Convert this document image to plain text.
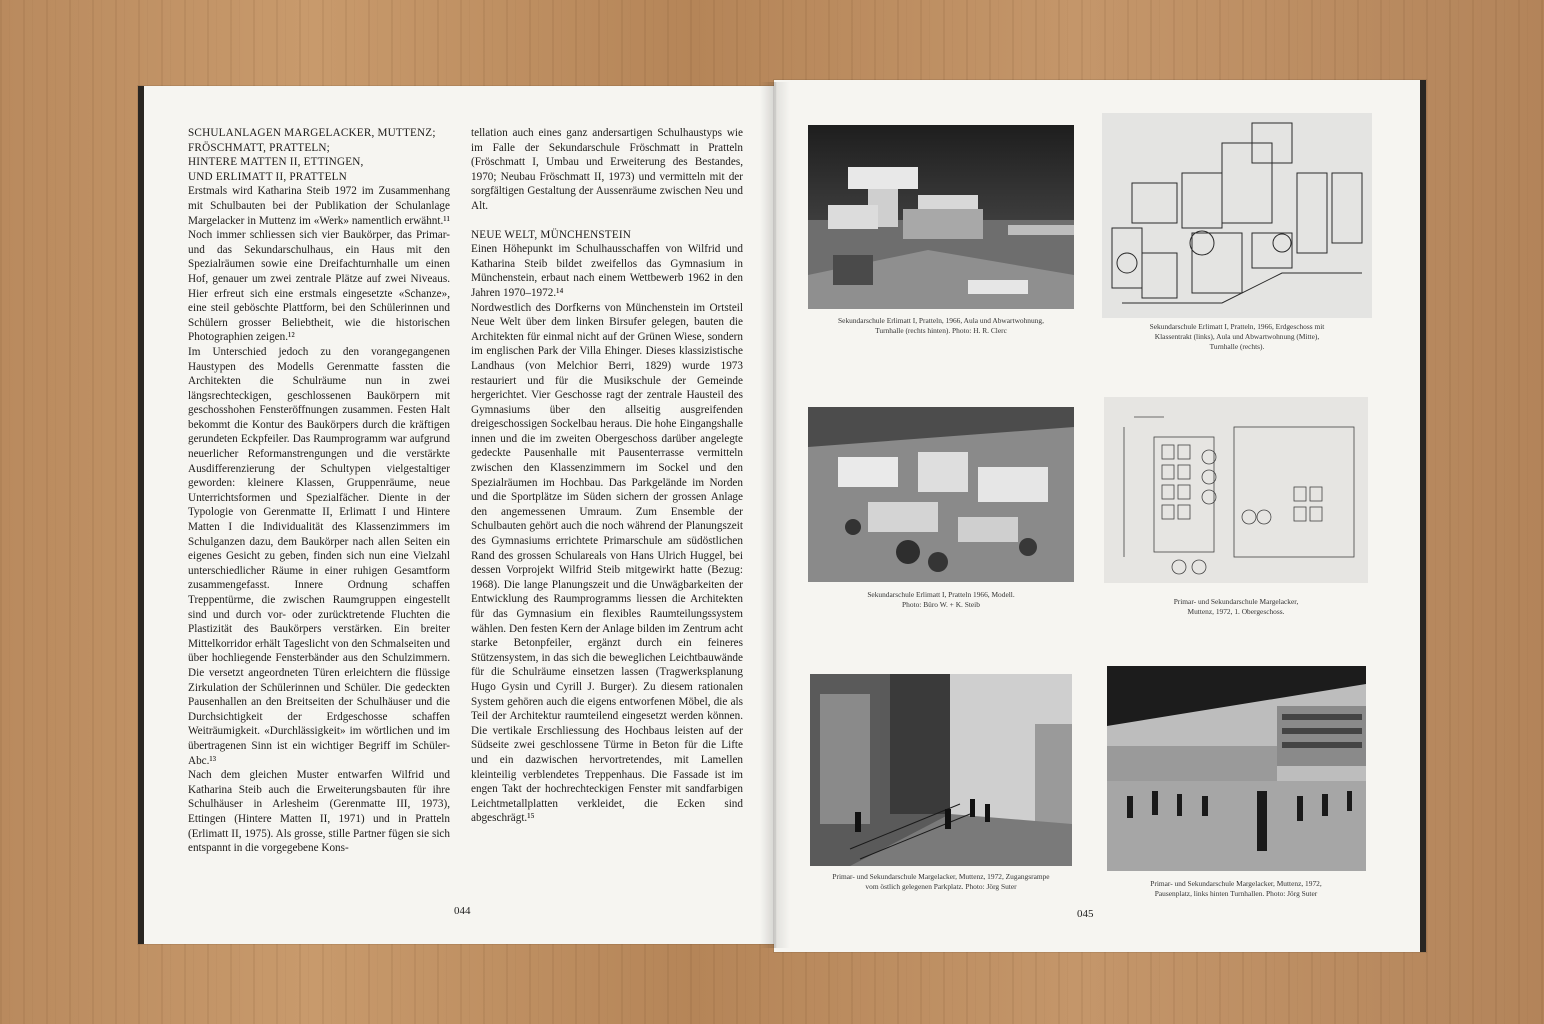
SCHULANLAGEN MARGELACKER, MUTTENZ;
FRÖSCHMATT, PRATTELN;
HINTERE MATTEN II, ETTINGEN,
UND ERLIMATT II, PRATTELN

Erstmals wird Katharina Steib 1972 im Zusammenhang mit Schulbauten bei der Publikation der Schulanlage Margelacker in Muttenz im «Werk» namentlich erwähnt.¹¹ Noch immer schliessen sich vier Baukörper, das Primar- und das Sekundarschulhaus, ein Haus mit den Spezialräumen sowie eine Dreifachturnhalle um einen Hof, genauer um zwei zentrale Plätze auf zwei Niveaus. Hier erfreut sich eine erstmals eingesetzte «Schanze», eine steil geböschte Plattform, bei den Schülerinnen und Schülern grosser Beliebtheit, wie die historischen Photographien zeigen.¹²

Im Unterschied jedoch zu den vorangegangenen Haustypen des Modells Gerenmatte fassten die Architekten die Schulräume nun in zwei längsrechteckigen, geschlossenen Baukörpern mit geschosshohen Fensteröffnungen zusammen. Festen Halt bekommt die Kontur des Baukörpers durch die kräftigen gerundeten Eckpfeiler. Das Raumprogramm war aufgrund neuerlicher Reformanstrengungen und die verstärkte Ausdifferenzierung der Schultypen vielgestaltiger geworden: kleinere Klassen, Gruppenräume, neue Unterrichtsformen und Spezialfächer. Diente in der Typologie von Gerenmatte II, Erlimatt I und Hintere Matten I die Individualität des Klassenzimmers im Schulganzen dazu, dem Baukörper nach allen Seiten ein eigenes Gesicht zu geben, finden sich nun eine Vielzahl unterschiedlicher Räume in einer ruhigen Gesamtform zusammengefasst. Innere Ordnung schaffen Treppentürme, die zwischen Raumgruppen eingestellt sind und durch vor- oder zurücktretende Fluchten die Plastizität des Baukörpers verstärken. Ein breiter Mittelkorridor erhält Tageslicht von den Schmalseiten und über hochliegende Fensterbänder aus den Schulzimmern. Die versetzt angeordneten Türen erleichtern die flüssige Zirkulation der Schülerinnen und Schüler. Die gedeckten Pausenhallen an den Breitseiten der Schulhäuser und die Durchsichtigkeit der Erdgeschosse schaffen Weiträumigkeit. «Durchlässigkeit» im wörtlichen und im übertragenen Sinn ist ein wichtiger Begriff im Schüler-Abc.¹³

Nach dem gleichen Muster entwarfen Wilfrid und Katharina Steib auch die Erweiterungsbauten für ihre Schulhäuser in Arlesheim (Gerenmatte III, 1973), Ettingen (Hintere Matten II, 1971) und in Pratteln (Erlimatt II, 1975). Als grosse, stille Partner fügen sie sich entspannt in die vorgegebene Kons-

tellation auch eines ganz andersartigen Schulhaustyps wie im Falle der Sekundarschule Fröschmatt in Pratteln (Fröschmatt I, Umbau und Erweiterung des Bestandes, 1970; Neubau Fröschmatt II, 1973) und vermitteln mit der sorgfältigen Gestaltung der Aussenräume zwischen Neu und Alt.

NEUE WELT, MÜNCHENSTEIN

Einen Höhepunkt im Schulhausschaffen von Wilfrid und Katharina Steib bildet zweifellos das Gymnasium in Münchenstein, erbaut nach einem Wettbewerb 1962 in den Jahren 1970–1972.¹⁴

Nordwestlich des Dorfkerns von Münchenstein im Ortsteil Neue Welt über dem linken Birsufer gelegen, bauten die Architekten für einmal nicht auf der Grünen Wiese, sondern im englischen Park der Villa Ehinger. Dieses klassizistische Landhaus (von Melchior Berri, 1829) wurde 1973 restauriert und für die Musikschule der Gemeinde hergerichtet. Vier Geschosse ragt der zentrale Hausteil des Gymnasiums über den allseitig ausgreifenden dreigeschossigen Sockelbau heraus. Die hohe Eingangshalle innen und die im zweiten Obergeschoss darüber angelegte gedeckte Pausenhalle mit Pausenterrasse vermitteln zwischen den Klassenzimmern im Sockel und den Spezialräumen im Hochbau. Das Parkgelände im Norden und die Sportplätze im Süden sichern der grossen Anlage den angemessenen Umraum. Zum Ensemble der Schulbauten gehört auch die noch während der Planungszeit des Gymnasiums errichtete Primarschule am südöstlichen Rand des grossen Schulareals von Hans Ulrich Huggel, bei dessen Vorprojekt Wilfrid Steib mitgewirkt hatte (Bezug: 1968). Die lange Planungszeit und die Unwägbarkeiten der Entwicklung des Raumprogramms liessen die Architekten für das Gymnasium ein flexibles Raumteilungssystem wählen. Den festen Kern der Anlage bilden im Zentrum acht starke Betonpfeiler, ergänzt durch ein feineres Stützensystem, in das sich die beweglichen Leichtbauwände für die Schulräume einsetzen lassen (Tragwerksplanung Hugo Gysin und Cyrill J. Burger). Zu diesem rationalen System gehören auch die eigens entworfenen Möbel, die als Teil der Architektur raumteilend eingesetzt werden können. Die vertikale Erschliessung des Hochbaus leisten auf der Südseite zwei geschlossene Türme in Beton für die Lifte und ein dazwischen hervortretendes, mit Lamellen kleinteilig verblendetes Treppenhaus. Die Fassade ist im engen Takt der hochrechteckigen Fenster mit sandfarbigen Leichtmetallplatten verkleidet, die Ecken sind abgeschrägt.¹⁵

044	045
Sekundarschule Erlimatt I, Pratteln, 1966, Aula und Abwartwohnung,
Turnhalle (rechts hinten). Photo: H. R. Clerc	Sekundarschule Erlimatt I, Pratteln, 1966, Erdgeschoss mit
Klassentrakt (links), Aula und Abwartwohnung (Mitte),
Turnhalle (rechts).
Sekundarschule Erlimatt I, Pratteln 1966, Modell.
Photo: Büro W. + K. Steib	Primar- und Sekundarschule Margelacker,
Muttenz, 1972, 1. Obergeschoss.
Primar- und Sekundarschule Margelacker, Muttenz, 1972, Zugangsrampe
vom östlich gelegenen Parkplatz. Photo: Jörg Suter	Primar- und Sekundarschule Margelacker, Muttenz, 1972,
Pausenplatz, links hinten Turnhallen. Photo: Jörg Suter
